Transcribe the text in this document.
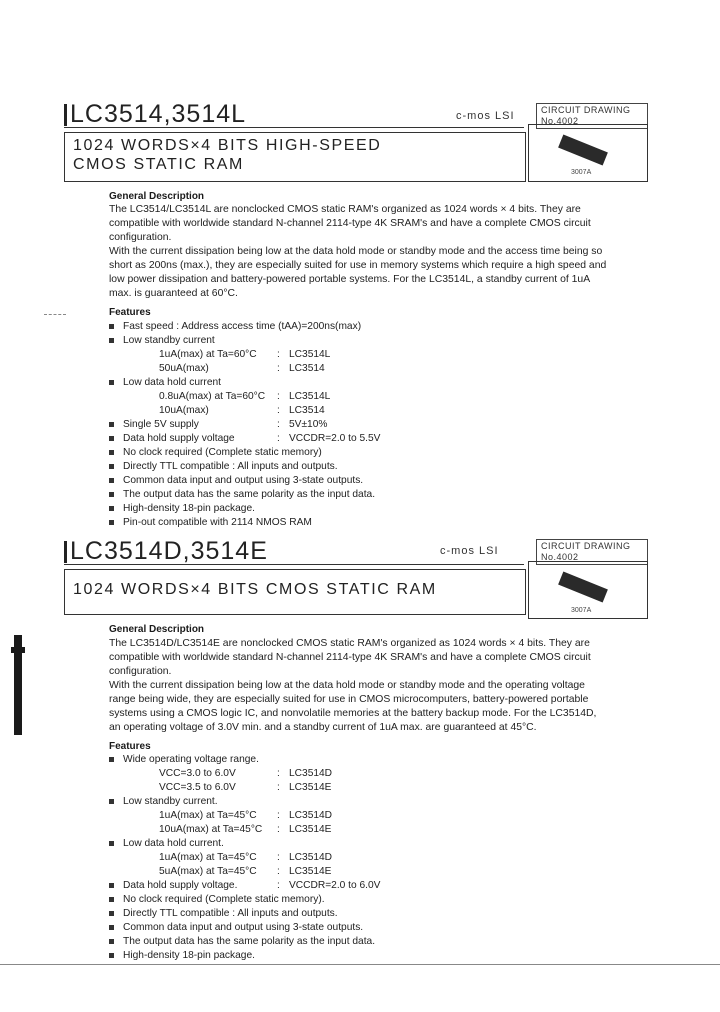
LC3514,3514L	c-mos LSI	CIRCUIT DRAWING
No.4002
1024 WORDS×4 BITS HIGH-SPEED
CMOS STATIC RAM	3007A
General Description
The LC3514/LC3514L are nonclocked CMOS static RAM's organized as 1024 words × 4 bits. They are
compatible with worldwide standard N-channel 2114-type 4K SRAM's and have a complete CMOS circuit
configuration.
With the current dissipation being low at the data hold mode or standby mode and the access time being so
short as 200ns (max.), they are especially suited for use in memory systems which require a high speed and
low power dissipation and battery-powered portable systems. For the LC3514L, a standby current of 1uA
max. is guaranteed at 60°C.
Features
Fast speed : Address access time (tAA)=200ns(max)
Low standby current
1uA(max) at Ta=60°C : LC3514L
50uA(max)	: LC3514
Low data hold current
0.8uA(max) at Ta=60°C : LC3514L
10uA(max)	: LC3514
Single 5V supply	: 5V±10%
Data hold supply voltage	: VCCDR=2.0 to 5.5V
No clock required (Complete static memory)
Directly TTL compatible : All inputs and outputs.
Common data input and output using 3-state outputs.
The output data has the same polarity as the input data.
High-density 18-pin package.
Pin-out compatible with 2114 NMOS RAM
LC3514D,3514E	c-mos LSI	CIRCUIT DRAWING
No.4002
1024 WORDS×4 BITS CMOS STATIC RAM
3007A
General Description
The LC3514D/LC3514E are nonclocked CMOS static RAM's organized as 1024 words × 4 bits. They are
compatible with worldwide standard N-channel 2114-type 4K SRAM's and have a complete CMOS circuit
configuration.
With the current dissipation being low at the data hold mode or standby mode and the operating voltage
range being wide, they are especially suited for use in CMOS microcomputers, battery-powered portable
systems using a CMOS logic IC, and nonvolatile memories at the battery backup mode. For the LC3514D,
an operating voltage of 3.0V min. and a standby current of 1uA max. are guaranteed at 45°C.
Features
Wide operating voltage range.
VCC=3.0 to 6.0V	: LC3514D
VCC=3.5 to 6.0V	: LC3514E
Low standby current.
1uA(max) at Ta=45°C : LC3514D
10uA(max) at Ta=45°C : LC3514E
Low data hold current.
1uA(max) at Ta=45°C : LC3514D
5uA(max) at Ta=45°C : LC3514E
Data hold supply voltage.	: VCCDR=2.0 to 6.0V
No clock required (Complete static memory).
Directly TTL compatible : All inputs and outputs.
Common data input and output using 3-state outputs.
The output data has the same polarity as the input data.
High-density 18-pin package.
